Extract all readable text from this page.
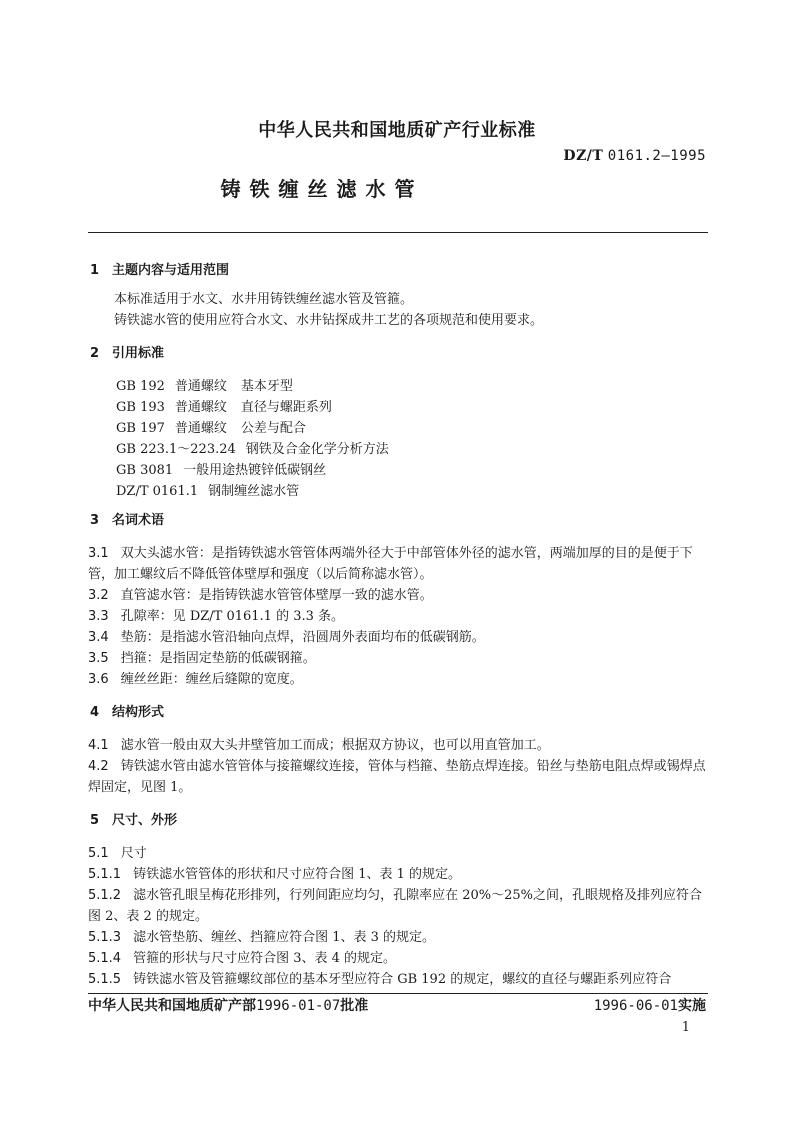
中华人民共和国地质矿产行业标准
DZ/T 0161.2—1995
铸铁缠丝滤水管
1 主题内容与适用范围
本标准适用于水文、水井用铸铁缠丝滤水管及管箍。
铸铁滤水管的使用应符合水文、水井钻探成井工艺的各项规范和使用要求。
2 引用标准
GB 192 普通螺纹 基本牙型
GB 193 普通螺纹 直径与螺距系列
GB 197 普通螺纹 公差与配合
GB 223.1～223.24 钢铁及合金化学分析方法
GB 3081 一般用途热镀锌低碳钢丝
DZ/T 0161.1 钢制缠丝滤水管
3 名词术语
3.1 双大头滤水管：是指铸铁滤水管管体两端外径大于中部管体外径的滤水管，两端加厚的目的是便于下管，加工螺纹后不降低管体壁厚和强度（以后简称滤水管）。
3.2 直管滤水管：是指铸铁滤水管管体壁厚一致的滤水管。
3.3 孔隙率：见 DZ/T 0161.1 的 3.3 条。
3.4 垫筋：是指滤水管沿轴向点焊，沿圆周外表面均布的低碳钢筋。
3.5 挡箍：是指固定垫筋的低碳钢箍。
3.6 缠丝丝距：缠丝后缝隙的宽度。
4 结构形式
4.1 滤水管一般由双大头井壁管加工而成；根据双方协议，也可以用直管加工。
4.2 铸铁滤水管由滤水管管体与接箍螺纹连接，管体与档箍、垫筋点焊连接。铅丝与垫筋电阻点焊或锡焊点焊固定，见图 1。
5 尺寸、外形
5.1 尺寸
5.1.1 铸铁滤水管管体的形状和尺寸应符合图 1、表 1 的规定。
5.1.2 滤水管孔眼呈梅花形排列，行列间距应均匀，孔隙率应在 20%～25%之间，孔眼规格及排列应符合图 2、表 2 的规定。
5.1.3 滤水管垫筋、缠丝、挡箍应符合图 1、表 3 的规定。
5.1.4 管箍的形状与尺寸应符合图 3、表 4 的规定。
5.1.5 铸铁滤水管及管箍螺纹部位的基本牙型应符合 GB 192 的规定，螺纹的直径与螺距系列应符合
中华人民共和国地质矿产部1996-01-07批准	1996-06-01实施
1
